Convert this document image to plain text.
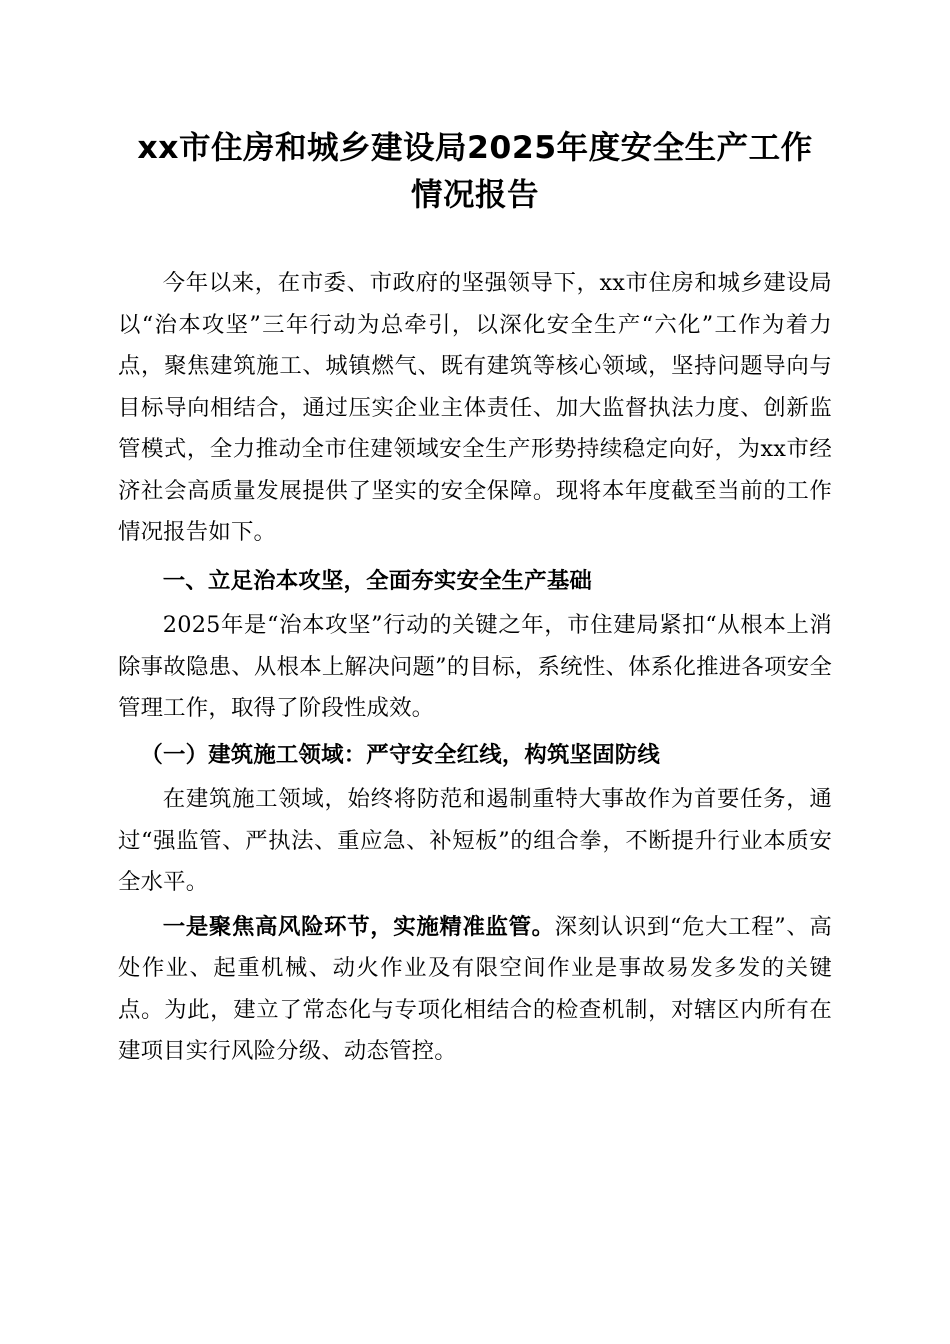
xx市住房和城乡建设局2025年度安全生产工作情况报告

今年以来，在市委、市政府的坚强领导下，xx市住房和城乡建设局以“治本攻坚”三年行动为总牵引，以深化安全生产“六化”工作为着力点，聚焦建筑施工、城镇燃气、既有建筑等核心领域，坚持问题导向与目标导向相结合，通过压实企业主体责任、加大监督执法力度、创新监管模式，全力推动全市住建领域安全生产形势持续稳定向好，为xx市经济社会高质量发展提供了坚实的安全保障。现将本年度截至当前的工作情况报告如下。

一、立足治本攻坚，全面夯实安全生产基础

2025年是“治本攻坚”行动的关键之年，市住建局紧扣“从根本上消除事故隐患、从根本上解决问题”的目标，系统性、体系化推进各项安全管理工作，取得了阶段性成效。

（一）建筑施工领域：严守安全红线，构筑坚固防线

在建筑施工领域，始终将防范和遏制重特大事故作为首要任务，通过“强监管、严执法、重应急、补短板”的组合拳，不断提升行业本质安全水平。

一是聚焦高风险环节，实施精准监管。深刻认识到“危大工程”、高处作业、起重机械、动火作业及有限空间作业是事故易发多发的关键点。为此，建立了常态化与专项化相结合的检查机制，对辖区内所有在建项目实行风险分级、动态管控。
